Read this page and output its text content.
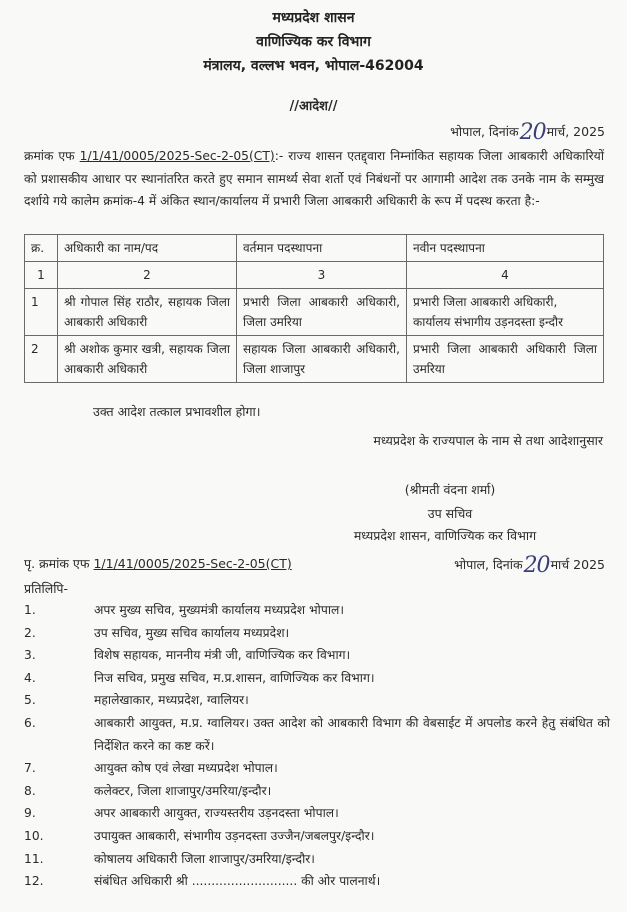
मध्यप्रदेश शासन
वाणिज्यिक कर विभाग
मंत्रालय, वल्लभ भवन, भोपाल-462004
//आदेश//
भोपाल, दिनांक20मार्च, 2025
क्रमांक एफ 1/1/41/0005/2025-Sec-2-05(CT):- राज्य शासन एतद्द्वारा निम्नांकित सहायक जिला आबकारी अधिकारियों को प्रशासकीय आधार पर स्थानांतरित करते हुए समान सामर्थ्य सेवा शर्तो एवं निबंधनों पर आगामी आदेश तक उनके नाम के सम्मुख दर्शाये गये कालेम क्रमांक-4 में अंकित स्थान/कार्यालय में प्रभारी जिला आबकारी अधिकारी के रूप में पदस्थ करता है:-
क्र.	अधिकारी का नाम/पद	वर्तमान पदस्थापना	नवीन पदस्थापना
1	2	3	4
1	श्री गोपाल सिंह राठौर, सहायक जिला आबकारी अधिकारी	प्रभारी जिला आबकारी अधिकारी, जिला उमरिया	प्रभारी जिला आबकारी अधिकारी, कार्यालय संभागीय उड़नदस्ता इन्दौर
2	श्री अशोक कुमार खत्री, सहायक जिला आबकारी अधिकारी	सहायक जिला आबकारी अधिकारी, जिला शाजापुर	प्रभारी जिला आबकारी अधिकारी जिला उमरिया
उक्त आदेश तत्काल प्रभावशील होगा।
मध्यप्रदेश के राज्यपाल के नाम से तथा आदेशानुसार
(श्रीमती वंदना शर्मा)
उप सचिव
मध्यप्रदेश शासन, वाणिज्यिक कर विभाग
पृ. क्रमांक एफ 1/1/41/0005/2025-Sec-2-05(CT)	भोपाल, दिनांक20मार्च 2025
प्रतिलिपि-
1.	अपर मुख्य सचिव, मुख्यमंत्री कार्यालय मध्यप्रदेश भोपाल।
2.	उप सचिव, मुख्य सचिव कार्यालय मध्यप्रदेश।
3.	विशेष सहायक, माननीय मंत्री जी, वाणिज्यिक कर विभाग।
4.	निज सचिव, प्रमुख सचिव, म.प्र.शासन, वाणिज्यिक कर विभाग।
5.	महालेखाकार, मध्यप्रदेश, ग्वालियर।
6.	आबकारी आयुक्त, म.प्र. ग्वालियर। उक्त आदेश को आबकारी विभाग की वेबसाईट में अपलोड करने हेतु संबंधित को निर्देशित करने का कष्ट करें।
7.	आयुक्त कोष एवं लेखा मध्यप्रदेश भोपाल।
8.	कलेक्टर, जिला शाजापुर/उमरिया/इन्दौर।
9.	अपर आबकारी आयुक्त, राज्यस्तरीय उड़नदस्ता भोपाल।
10.	उपायुक्त आबकारी, संभागीय उड़नदस्ता उज्जैन/जबलपुर/इन्दौर।
11.	कोषालय अधिकारी जिला शाजापुर/उमरिया/इन्दौर।
12.	संबंधित अधिकारी श्री ........................... की ओर पालनार्थ।
